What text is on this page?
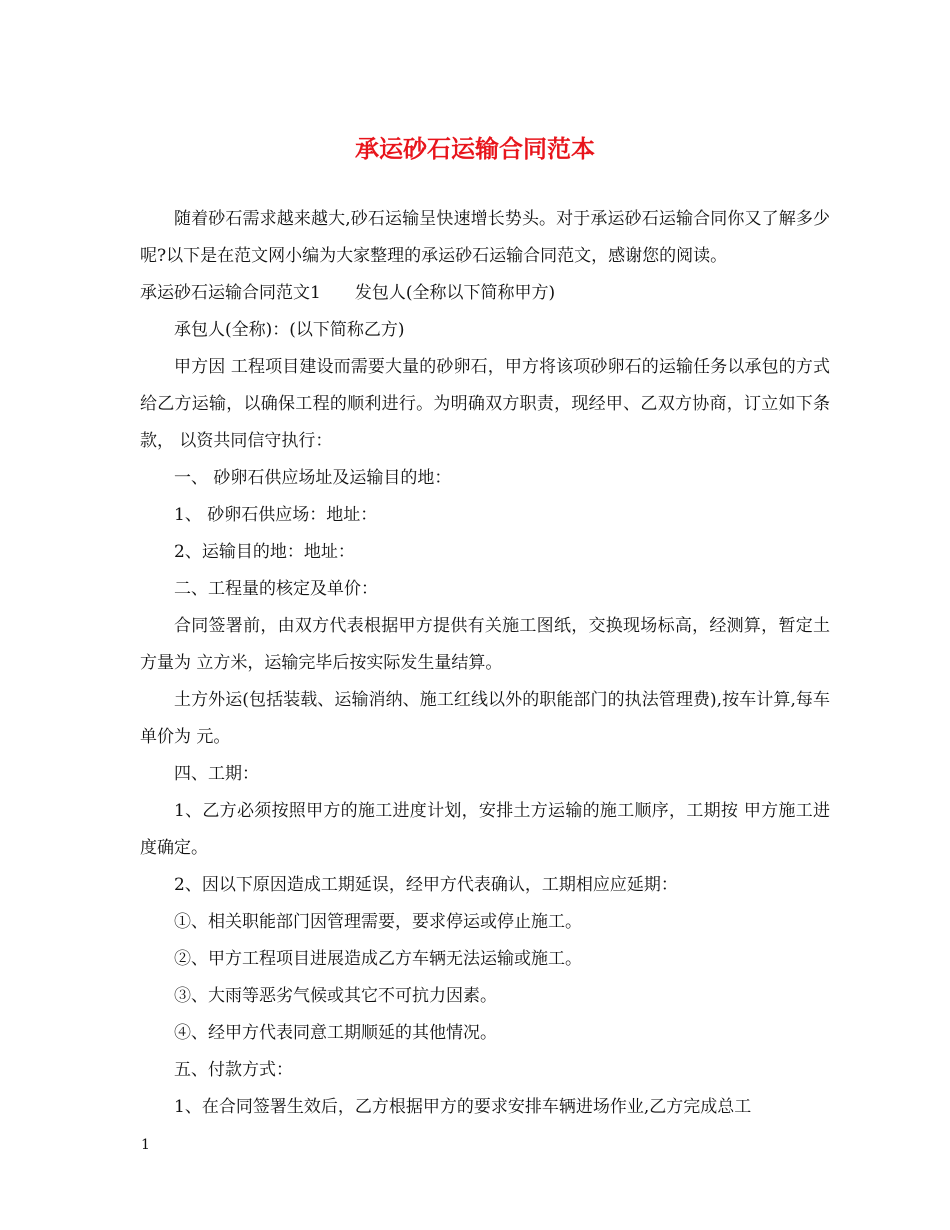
承运砂石运输合同范本

随着砂石需求越来越大,砂石运输呈快速增长势头。对于承运砂石运输合同你又了解多少呢?以下是在范文网小编为大家整理的承运砂石运输合同范文，感谢您的阅读。

承运砂石运输合同范文1 发包人(全称以下简称甲方)

承包人(全称)：(以下简称乙方)

甲方因 工程项目建设而需要大量的砂卵石，甲方将该项砂卵石的运输任务以承包的方式给乙方运输，以确保工程的顺利进行。为明确双方职责，现经甲、乙双方协商，订立如下条款， 以资共同信守执行：

一、 砂卵石供应场址及运输目的地：

1、 砂卵石供应场：地址：

2、运输目的地：地址：

二、工程量的核定及单价：

合同签署前，由双方代表根据甲方提供有关施工图纸，交换现场标高，经测算，暂定土方量为 立方米，运输完毕后按实际发生量结算。

土方外运(包括装载、运输消纳、施工红线以外的职能部门的执法管理费),按车计算,每车单价为 元。

四、工期：

1、乙方必须按照甲方的施工进度计划，安排土方运输的施工顺序，工期按 甲方施工进度确定。

2、因以下原因造成工期延误，经甲方代表确认，工期相应应延期：

①、相关职能部门因管理需要，要求停运或停止施工。

②、甲方工程项目进展造成乙方车辆无法运输或施工。

③、大雨等恶劣气候或其它不可抗力因素。

④、经甲方代表同意工期顺延的其他情况。

五、付款方式：

1、在合同签署生效后，乙方根据甲方的要求安排车辆进场作业,乙方完成总工

1
